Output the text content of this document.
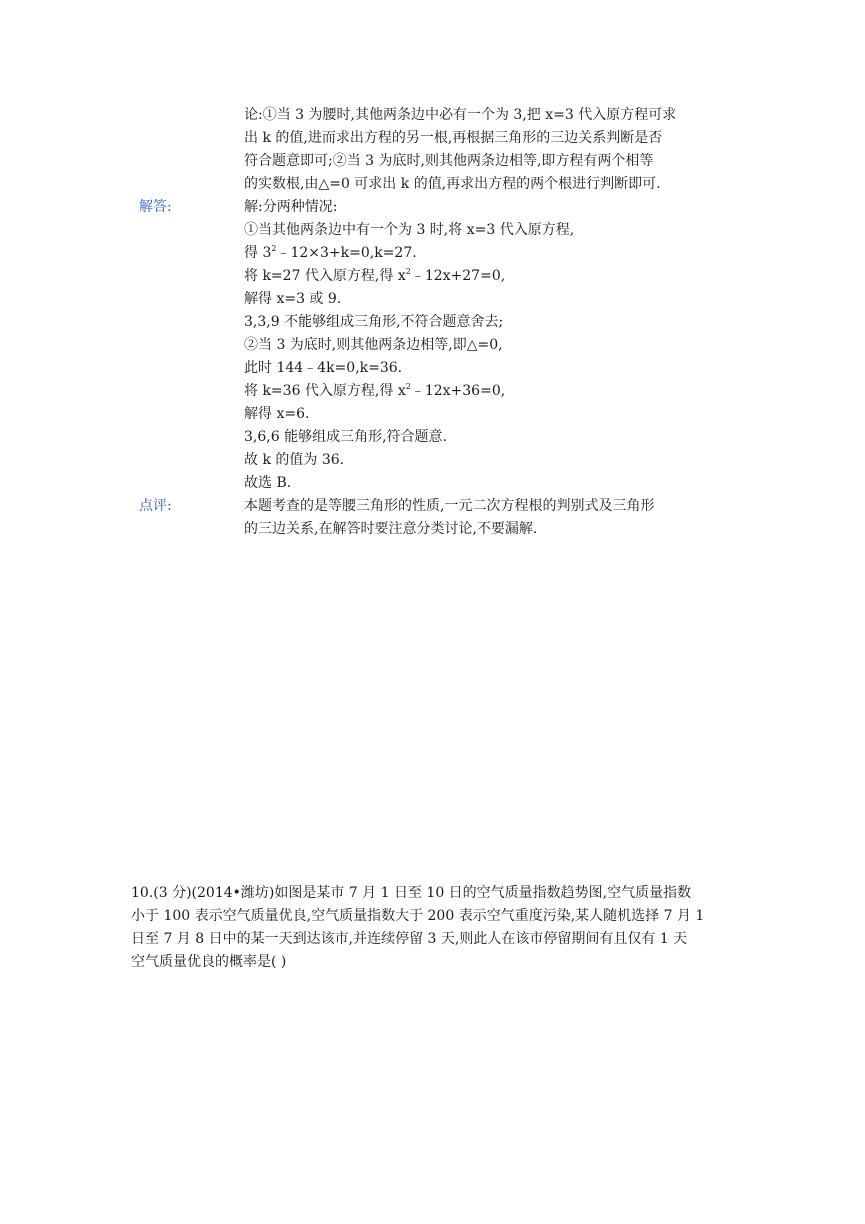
论:①当 3 为腰时,其他两条边中必有一个为 3,把 x=3 代入原方程可求
出 k 的值,进而求出方程的另一根,再根据三角形的三边关系判断是否
符合题意即可;②当 3 为底时,则其他两条边相等,即方程有两个相等
的实数根,由△=0 可求出 k 的值,再求出方程的两个根进行判断即可.
解答:	解:分两种情况:
①当其他两条边中有一个为 3 时,将 x=3 代入原方程,
得 $3^2﹣12\times 3+k=0,k=27$.
将 k=27 代入原方程,得 $x^2﹣12x+27=0$,
解得 x=3 或 9.
3,3,9 不能够组成三角形,不符合题意舍去;
②当 3 为底时,则其他两条边相等,即△=0,
此时 144﹣4k=0,k=36.
将 k=36 代入原方程,得 $x^2﹣12x+36=0$,
解得 x=6.
3,6,6 能够组成三角形,符合题意.
故 k 的值为 36.
故选 B.
点评:	本题考查的是等腰三角形的性质,一元二次方程根的判别式及三角形
的三边关系,在解答时要注意分类讨论,不要漏解.
10.(3 分)(2014•潍坊)如图是某市 7 月 1 日至 10 日的空气质量指数趋势图,空气质量指数
小于 100 表示空气质量优良,空气质量指数大于 200 表示空气重度污染,某人随机选择 7 月 1
日至 7 月 8 日中的某一天到达该市,并连续停留 3 天,则此人在该市停留期间有且仅有 1 天
空气质量优良的概率是( )
